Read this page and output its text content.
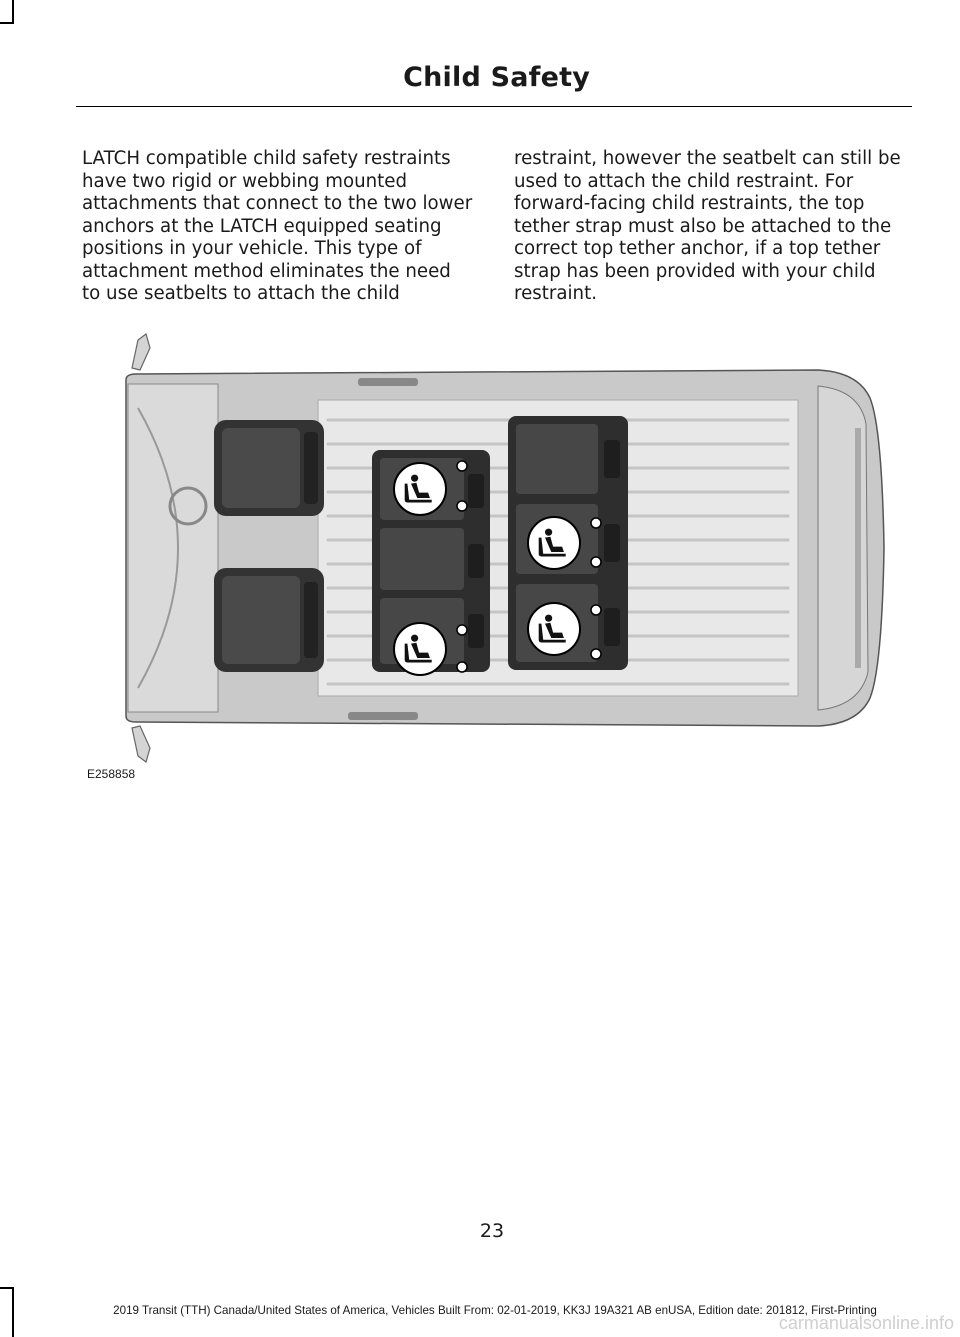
Child Safety
LATCH compatible child safety restraints
have two rigid or webbing mounted
attachments that connect to the two lower
anchors at the LATCH equipped seating
positions in your vehicle. This type of
attachment method eliminates the need
to use seatbelts to attach the child
restraint, however the seatbelt can still be
used to attach the child restraint. For
forward-facing child restraints, the top
tether strap must also be attached to the
correct top tether anchor, if a top tether
strap has been provided with your child
restraint.
E258858
23
2019 Transit (TTH) Canada/United States of America, Vehicles Built From: 02-01-2019, KK3J 19A321 AB enUSA, Edition date: 201812, First-Printing
carmanualsonline.info
